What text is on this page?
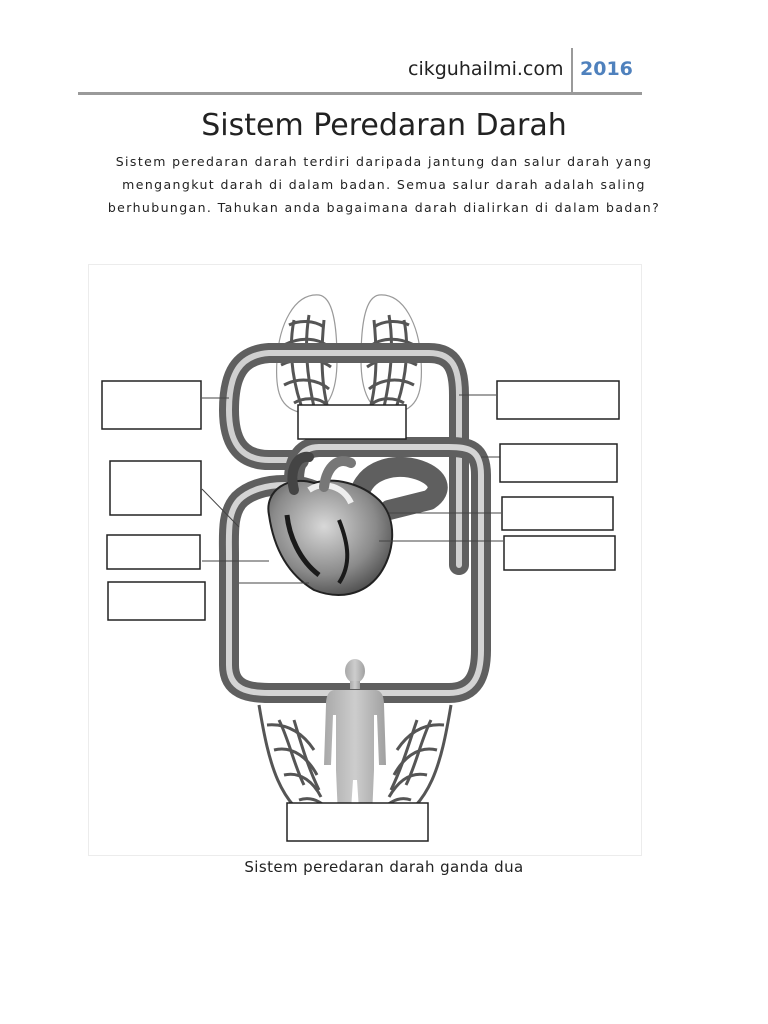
cikguhailmi.com 2016
Sistem Peredaran Darah
Sistem peredaran darah terdiri daripada jantung dan salur darah yang mengangkut darah di dalam badan. Semua salur darah adalah saling berhubungan. Tahukan anda bagaimana darah dialirkan di dalam badan?
Sistem peredaran darah ganda dua
